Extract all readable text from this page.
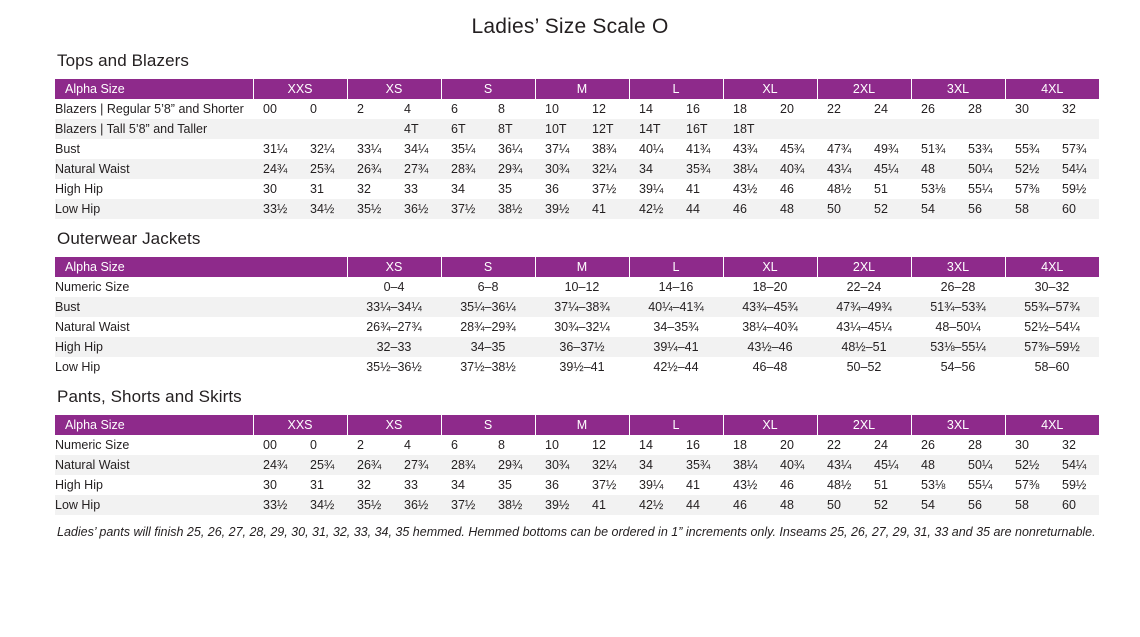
Ladies’ Size Scale O
Tops and Blazers
Alpha Size	XXS	XS	S	M	L	XL	2XL	3XL	4XL
Blazers | Regular 5’8” and Shorter	00 0	2 4	6 8	10 12	14 16	18 20	22 24	26 28	30 32

Blazers | Tall 5’8” and Taller		4T	6T 8T	10T 12T	14T 16T	18T			

Bust	31¼ 32¼	33¼ 34¼	35¼ 36¼	37¼ 38¾	40¼ 41¾	43¾ 45¾	47¾ 49¾	51¾ 53¾	55¾ 57¾

Natural Waist	24¾ 25¾	26¾ 27¾	28¾ 29¾	30¾ 32¼	34 35¾	38¼ 40¾	43¼ 45¼	48 50¼	52½ 54¼

High Hip	30 31	32 33	34 35	36 37½	39¼ 41	43½ 46	48½ 51	53⅛ 55¼	57⅜ 59½

Low Hip	33½ 34½	35½ 36½	37½ 38½	39½ 41	42½ 44	46 48	50 52	54 56	58 60
Outerwear Jackets
Alpha Size	XS	S	M	L	XL	2XL	3XL	4XL
Numeric Size	0–4	6–8	10–12	14–16	18–20	22–24	26–28	30–32
Bust	33¼–34¼	35¼–36¼	37¼–38¾	40¼–41¾	43¾–45¾	47¾–49¾	51¾–53¾	55¾–57¾
Natural Waist	26¾–27¾	28¾–29¾	30¾–32¼	34–35¾	38¼–40¾	43¼–45¼	48–50¼	52½–54¼
High Hip	32–33	34–35	36–37½	39¼–41	43½–46	48½–51	53⅛–55¼	57⅜–59½
Low Hip	35½–36½	37½–38½	39½–41	42½–44	46–48	50–52	54–56	58–60
Pants, Shorts and Skirts
Alpha Size	XXS	XS	S	M	L	XL	2XL	3XL	4XL
Numeric Size	00 0	2 4	6 8	10 12	14 16	18 20	22 24	26 28	30 32

Natural Waist	24¾ 25¾	26¾ 27¾	28¾ 29¾	30¾ 32¼	34 35¾	38¼ 40¾	43¼ 45¼	48 50¼	52½ 54¼

High Hip	30 31	32 33	34 35	36 37½	39¼ 41	43½ 46	48½ 51	53⅛ 55¼	57⅜ 59½

Low Hip	33½ 34½	35½ 36½	37½ 38½	39½ 41	42½ 44	46 48	50 52	54 56	58 60
Ladies’ pants will finish 25, 26, 27, 28, 29, 30, 31, 32, 33, 34, 35 hemmed. Hemmed bottoms can be ordered in 1” increments only. Inseams 25, 26, 27, 29, 31, 33 and 35 are nonreturnable.
